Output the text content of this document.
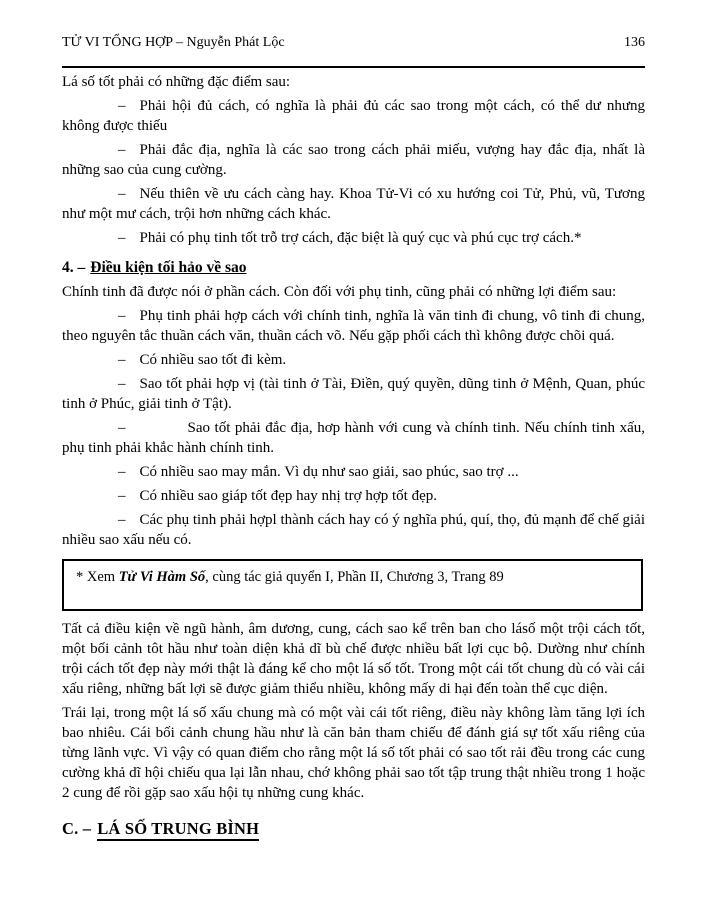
TỬ VI TỔNG HỢP – Nguyễn Phát Lộc	136

Lá số tốt phải có những đặc điểm sau:

– Phải hội đủ cách, có nghĩa là phải đủ các sao trong một cách, có thể dư nhưng không được thiếu

– Phải đắc địa, nghĩa là các sao trong cách phải miếu, vượng hay đắc địa, nhất là những sao của cung cường.

– Nếu thiên về ưu cách càng hay. Khoa Tử-Vi có xu hướng coi Tử, Phủ, vũ, Tương như một mư cách, trội hơn những cách khác.

– Phải có phụ tinh tốt trỗ trợ cách, đặc biệt là quý cục và phú cục trợ cách.*

4. – Điều kiện tối hảo về sao

Chính tinh đã được nói ở phần cách. Còn đối với phụ tinh, cũng phải có những lợi điểm sau:

– Phụ tinh phải hợp cách với chính tinh, nghĩa là văn tinh đi chung, vô tinh đi chung, theo nguyên tắc thuần cách văn, thuần cách võ. Nếu gặp phối cách thì không được chõi quá.

– Có nhiều sao tốt đi kèm.

– Sao tốt phải hợp vị (tài tinh ở Tài, Điền, quý quyền, dũng tinh ở Mệnh, Quan, phúc tinh ở Phúc, giải tinh ở Tật).

–	Sao tốt phải đắc địa, hơp hành với cung và chính tinh. Nếu chính tinh xấu, phụ tinh phải khắc hành chính tinh.

– Có nhiều sao may mắn. Vì dụ như sao giải, sao phúc, sao trợ ...

– Có nhiều sao giáp tốt đẹp hay nhị trợ hợp tốt đẹp.

– Các phụ tinh phải hợpl thành cách hay có ý nghĩa phú, quí, thọ, đủ mạnh để chế giải nhiều sao xấu nếu có.

* Xem Tử Vi Hàm Số, cùng tác giả quyển I, Phần II, Chương 3, Trang 89

Tất cả điều kiện về ngũ hành, âm dương, cung, cách sao kể trên ban cho lásố một trội cách tốt, một bối cảnh tôt hầu như toàn diện khả dĩ bù chế được nhiều bất lợi cục bộ. Dường như chính trội cách tốt đẹp này mới thật là đáng kể cho một lá số tốt. Trong một cái tốt chung dù có vài cái xấu riêng, những bất lợi sẽ được giảm thiểu nhiều, không mấy di hại đến toàn thể cục diện.

Trái lại, trong một lá số xấu chung mà có một vài cái tốt riêng, điều này không làm tăng lợi ích bao nhiêu. Cái bối cảnh chung hầu như là căn bản tham chiếu để đánh giá sự tốt xấu riêng của từng lãnh vực. Vì vậy có quan điểm cho rằng một lá số tốt phải có sao tốt rải đều trong các cung cường khả dĩ hội chiếu qua lại lẫn nhau, chớ không phải sao tốt tập trung thật nhiều trong 1 hoặc 2 cung để rồi gặp sao xấu hội tụ những cung khác.

C. – LÁ SỐ TRUNG BÌNH
